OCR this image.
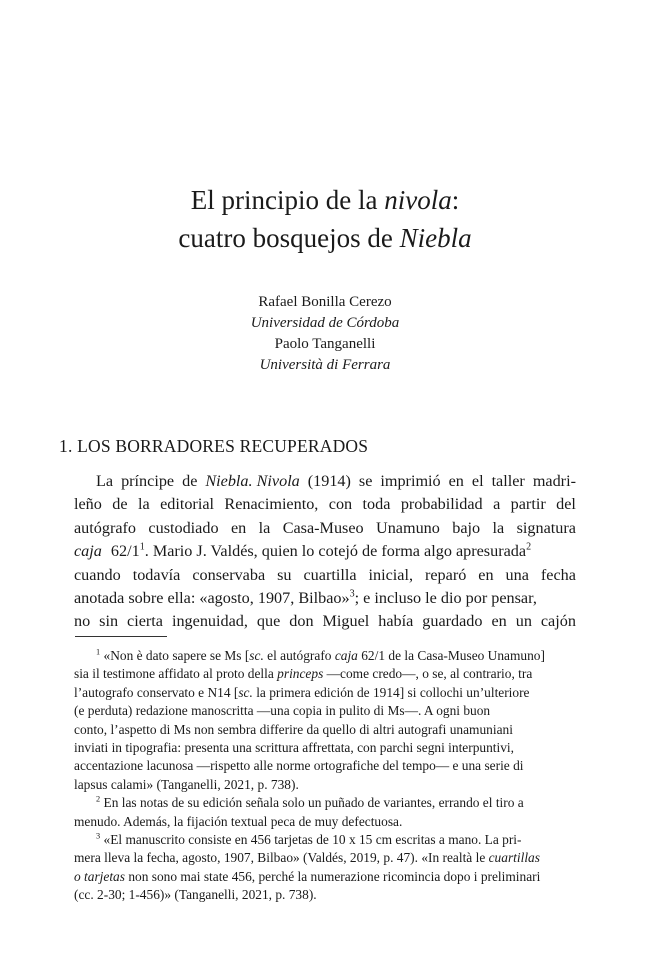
El principio de la nivola:
cuatro bosquejos de Niebla
Rafael Bonilla Cerezo
Universidad de Córdoba
Paolo Tanganelli
Università di Ferrara
1. LOS BORRADORES RECUPERADOS
La príncipe de Niebla. Nivola (1914) se imprimió en el taller madri-
leño de la editorial Renacimiento, con toda probabilidad a partir del
autógrafo custodiado en la Casa-Museo Unamuno bajo la signatura
caja $62/1^1$. Mario J. Valdés, quien lo cotejó de forma algo apresurada$^2$
cuando todavía conservaba su cuartilla inicial, reparó en una fecha
anotada sobre ella: «agosto, 1907, Bilbao»$^3$; e incluso le dio por pensar,
no sin cierta ingenuidad, que don Miguel había guardado en un cajón
$^1$ «Non è dato sapere se Ms [sc. el autógrafo caja 62/1 de la Casa-Museo Unamuno]
sia il testimone affidato al proto della princeps —come credo—, o se, al contrario, tra
l’autografo conservato e N14 [sc. la primera edición de 1914] si collochi un’ulteriore
(e perduta) redazione manoscritta —una copia in pulito di Ms—. A ogni buon
conto, l’aspetto di Ms non sembra differire da quello di altri autografi unamuniani
inviati in tipografia: presenta una scrittura affrettata, con parchi segni interpuntivi,
accentazione lacunosa —rispetto alle norme ortografiche del tempo— e una serie di
lapsus calami» (Tanganelli, 2021, p. 738).
$^2$ En las notas de su edición señala solo un puñado de variantes, errando el tiro a
menudo. Además, la fijación textual peca de muy defectuosa.
$^3$ «El manuscrito consiste en 456 tarjetas de 10 x 15 cm escritas a mano. La pri-
mera lleva la fecha, agosto, 1907, Bilbao» (Valdés, 2019, p. 47). «In realtà le cuartillas
o tarjetas non sono mai state 456, perché la numerazione ricomincia dopo i preliminari
(cc. 2-30; 1-456)» (Tanganelli, 2021, p. 738).
